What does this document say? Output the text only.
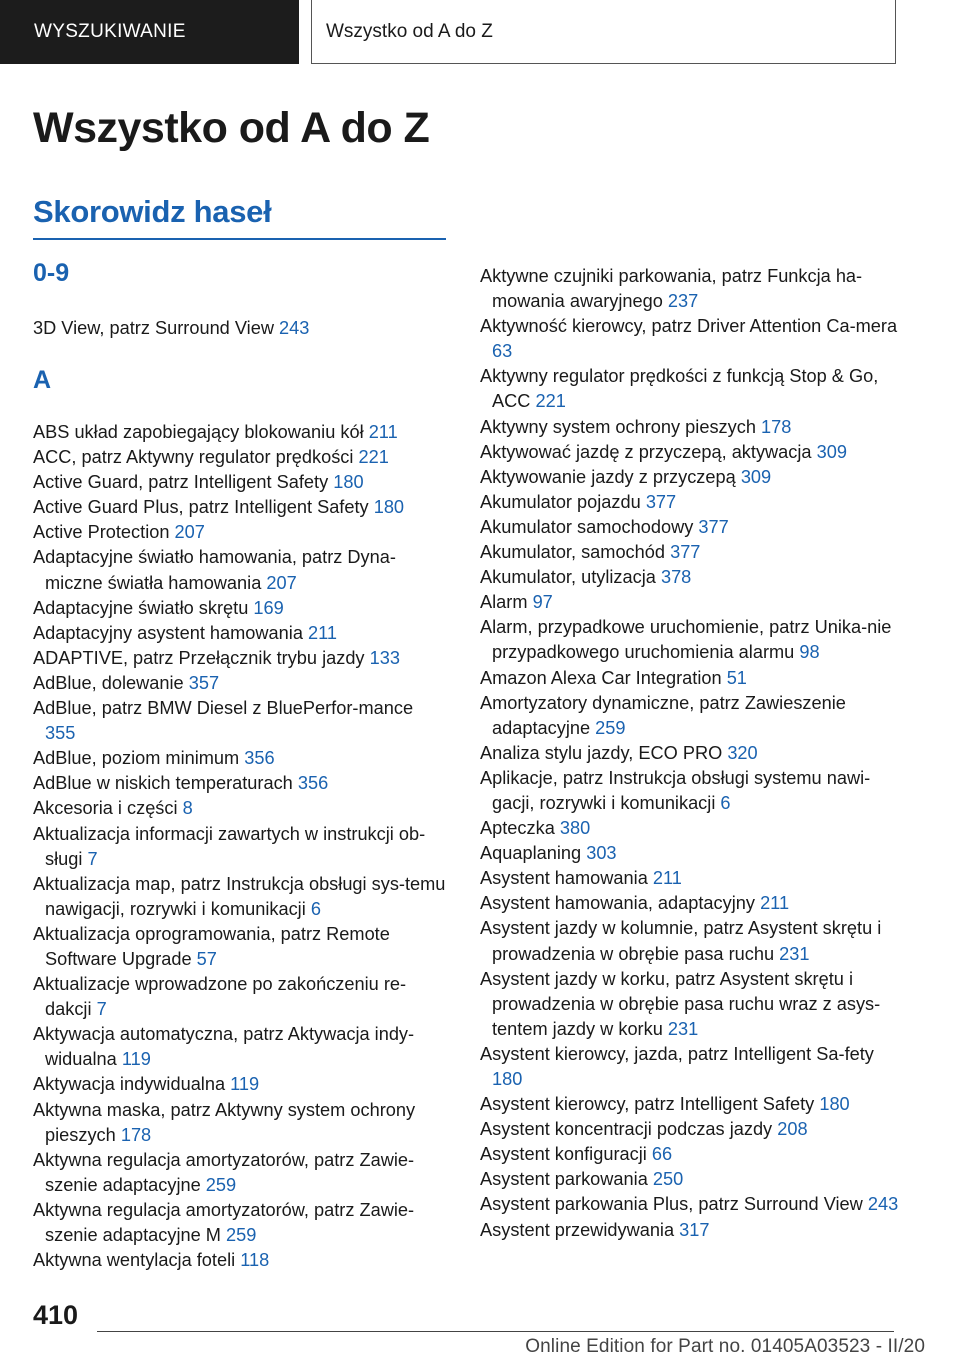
WYSZUKIWANIE	Wszystko od A do Z
Wszystko od A do Z
Skorowidz haseł
0-9
3D View, patrz Surround View 243
A
ABS układ zapobiegający blokowaniu kół 211
ACC, patrz Aktywny regulator prędkości 221
Active Guard, patrz Intelligent Safety 180
Active Guard Plus, patrz Intelligent Safety 180
Active Protection 207
Adaptacyjne światło hamowania, patrz Dyna-miczne światła hamowania 207
Adaptacyjne światło skrętu 169
Adaptacyjny asystent hamowania 211
ADAPTIVE, patrz Przełącznik trybu jazdy 133
AdBlue, dolewanie 357
AdBlue, patrz BMW Diesel z BluePerfor-mance 355
AdBlue, poziom minimum 356
AdBlue w niskich temperaturach 356
Akcesoria i części 8
Aktualizacja informacji zawartych w instrukcji ob-sługi 7
Aktualizacja map, patrz Instrukcja obsługi sys-temu nawigacji, rozrywki i komunikacji 6
Aktualizacja oprogramowania, patrz Remote Software Upgrade 57
Aktualizacje wprowadzone po zakończeniu re-dakcji 7
Aktywacja automatyczna, patrz Aktywacja indy-widualna 119
Aktywacja indywidualna 119
Aktywna maska, patrz Aktywny system ochrony pieszych 178
Aktywna regulacja amortyzatorów, patrz Zawie-szenie adaptacyjne 259
Aktywna regulacja amortyzatorów, patrz Zawie-szenie adaptacyjne M 259
Aktywna wentylacja foteli 118
Aktywne czujniki parkowania, patrz Funkcja ha-mowania awaryjnego 237
Aktywność kierowcy, patrz Driver Attention Ca-mera 63
Aktywny regulator prędkości z funkcją Stop & Go, ACC 221
Aktywny system ochrony pieszych 178
Aktywować jazdę z przyczepą, aktywacja 309
Aktywowanie jazdy z przyczepą 309
Akumulator pojazdu 377
Akumulator samochodowy 377
Akumulator, samochód 377
Akumulator, utylizacja 378
Alarm 97
Alarm, przypadkowe uruchomienie, patrz Unika-nie przypadkowego uruchomienia alarmu 98
Amazon Alexa Car Integration 51
Amortyzatory dynamiczne, patrz Zawieszenie adaptacyjne 259
Analiza stylu jazdy, ECO PRO 320
Aplikacje, patrz Instrukcja obsługi systemu nawi-gacji, rozrywki i komunikacji 6
Apteczka 380
Aquaplaning 303
Asystent hamowania 211
Asystent hamowania, adaptacyjny 211
Asystent jazdy w kolumnie, patrz Asystent skrętu i prowadzenia w obrębie pasa ruchu 231
Asystent jazdy w korku, patrz Asystent skrętu i prowadzenia w obrębie pasa ruchu wraz z asys-tentem jazdy w korku 231
Asystent kierowcy, jazda, patrz Intelligent Sa-fety 180
Asystent kierowcy, patrz Intelligent Safety 180
Asystent koncentracji podczas jazdy 208
Asystent konfiguracji 66
Asystent parkowania 250
Asystent parkowania Plus, patrz Surround View 243
Asystent przewidywania 317
410
Online Edition for Part no. 01405A03523 - II/20
